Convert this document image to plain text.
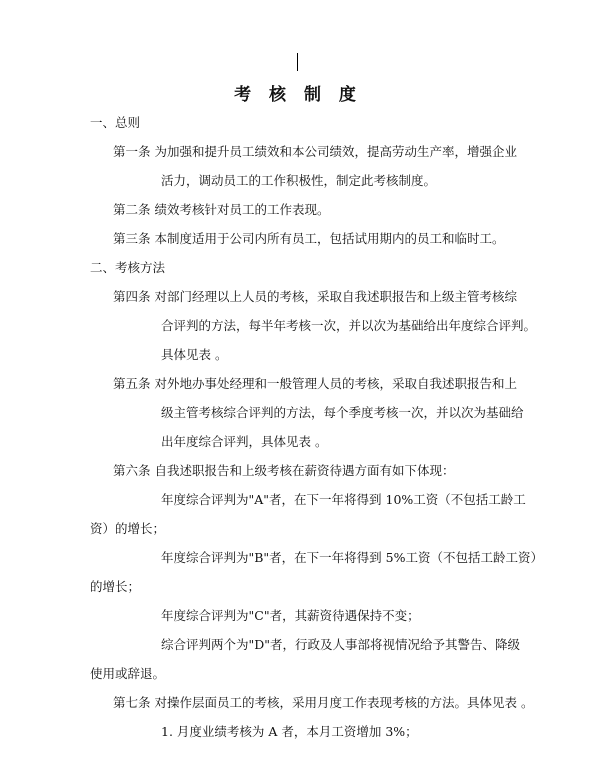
考 核 制 度
一、总则
第一条 为加强和提升员工绩效和本公司绩效，提高劳动生产率，增强企业
活力，调动员工的工作积极性，制定此考核制度。
第二条 绩效考核针对员工的工作表现。
第三条 本制度适用于公司内所有员工，包括试用期内的员工和临时工。
二、考核方法
第四条 对部门经理以上人员的考核，采取自我述职报告和上级主管考核综
合评判的方法，每半年考核一次，并以次为基础给出年度综合评判。
具体见表 。
第五条 对外地办事处经理和一般管理人员的考核，采取自我述职报告和上
级主管考核综合评判的方法，每个季度考核一次，并以次为基础给
出年度综合评判，具体见表 。
第六条 自我述职报告和上级考核在薪资待遇方面有如下体现：
年度综合评判为"A"者，在下一年将得到 10%工资（不包括工龄工
资）的增长；
年度综合评判为"B"者，在下一年将得到 5%工资（不包括工龄工资）
的增长；
年度综合评判为"C"者，其薪资待遇保持不变；
综合评判两个为"D"者，行政及人事部将视情况给予其警告、降级
使用或辞退。
第七条 对操作层面员工的考核，采用月度工作表现考核的方法。具体见表 。
1. 月度业绩考核为 A 者，本月工资增加 3%；
